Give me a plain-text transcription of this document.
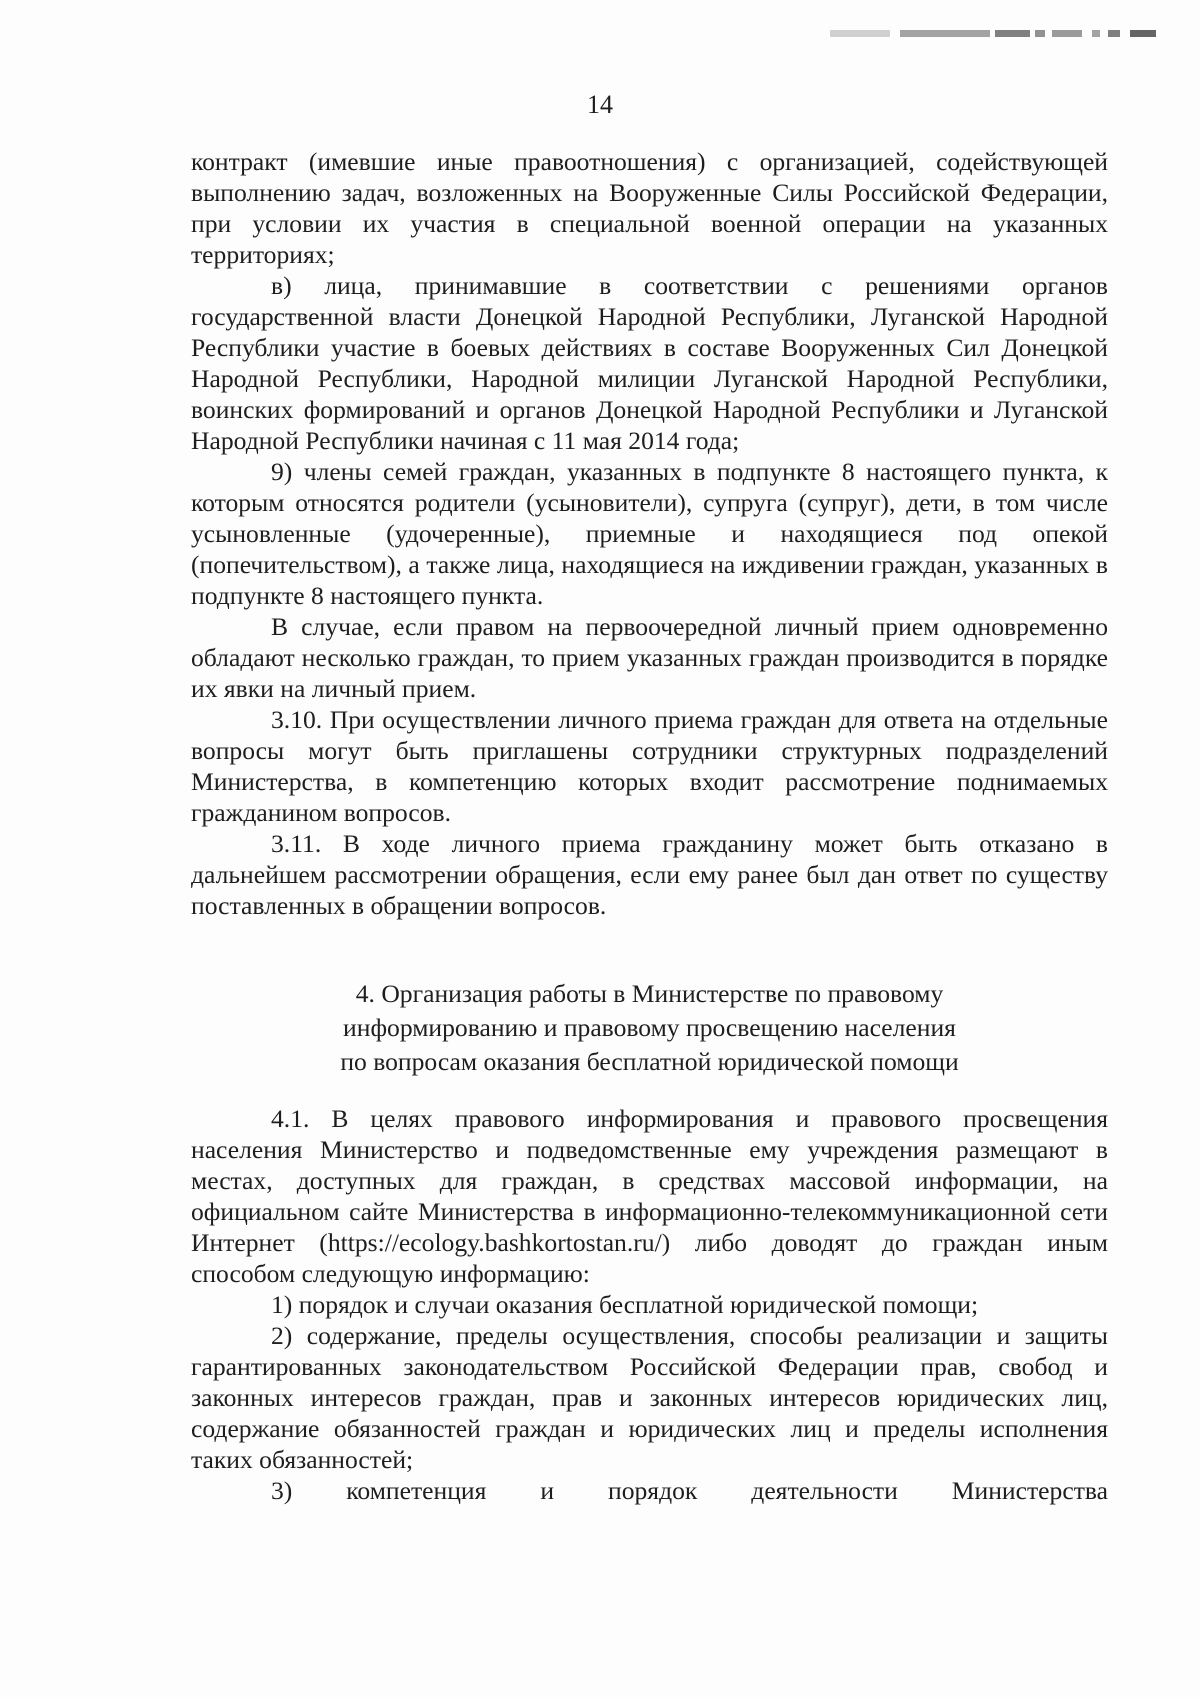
14

контракт (имевшие иные правоотношения) с организацией, содействующей выполнению задач, возложенных на Вооруженные Силы Российской Федерации, при условии их участия в специальной военной операции на указанных территориях;

в) лица, принимавшие в соответствии с решениями органов государственной власти Донецкой Народной Республики, Луганской Народной Республики участие в боевых действиях в составе Вооруженных Сил Донецкой Народной Республики, Народной милиции Луганской Народной Республики, воинских формирований и органов Донецкой Народной Республики и Луганской Народной Республики начиная с 11 мая 2014 года;

9) члены семей граждан, указанных в подпункте 8 настоящего пункта, к которым относятся родители (усыновители), супруга (супруг), дети, в том числе усыновленные (удочеренные), приемные и находящиеся под опекой (попечительством), а также лица, находящиеся на иждивении граждан, указанных в подпункте 8 настоящего пункта.

В случае, если правом на первоочередной личный прием одновременно обладают несколько граждан, то прием указанных граждан производится в порядке их явки на личный прием.

3.10. При осуществлении личного приема граждан для ответа на отдельные вопросы могут быть приглашены сотрудники структурных подразделений Министерства, в компетенцию которых входит рассмотрение поднимаемых гражданином вопросов.

3.11. В ходе личного приема гражданину может быть отказано в дальнейшем рассмотрении обращения, если ему ранее был дан ответ по существу поставленных в обращении вопросов.

4. Организация работы в Министерстве по правовому
информированию и правовому просвещению населения
по вопросам оказания бесплатной юридической помощи

4.1. В целях правового информирования и правового просвещения населения Министерство и подведомственные ему учреждения размещают в местах, доступных для граждан, в средствах массовой информации, на официальном сайте Министерства в информационно-телекоммуникационной сети Интернет (https://ecology.bashkortostan.ru/) либо доводят до граждан иным способом следующую информацию:

1) порядок и случаи оказания бесплатной юридической помощи;

2) содержание, пределы осуществления, способы реализации и защиты гарантированных законодательством Российской Федерации прав, свобод и законных интересов граждан, прав и законных интересов юридических лиц, содержание обязанностей граждан и юридических лиц и пределы исполнения таких обязанностей;

3) компетенция и порядок деятельности Министерства
